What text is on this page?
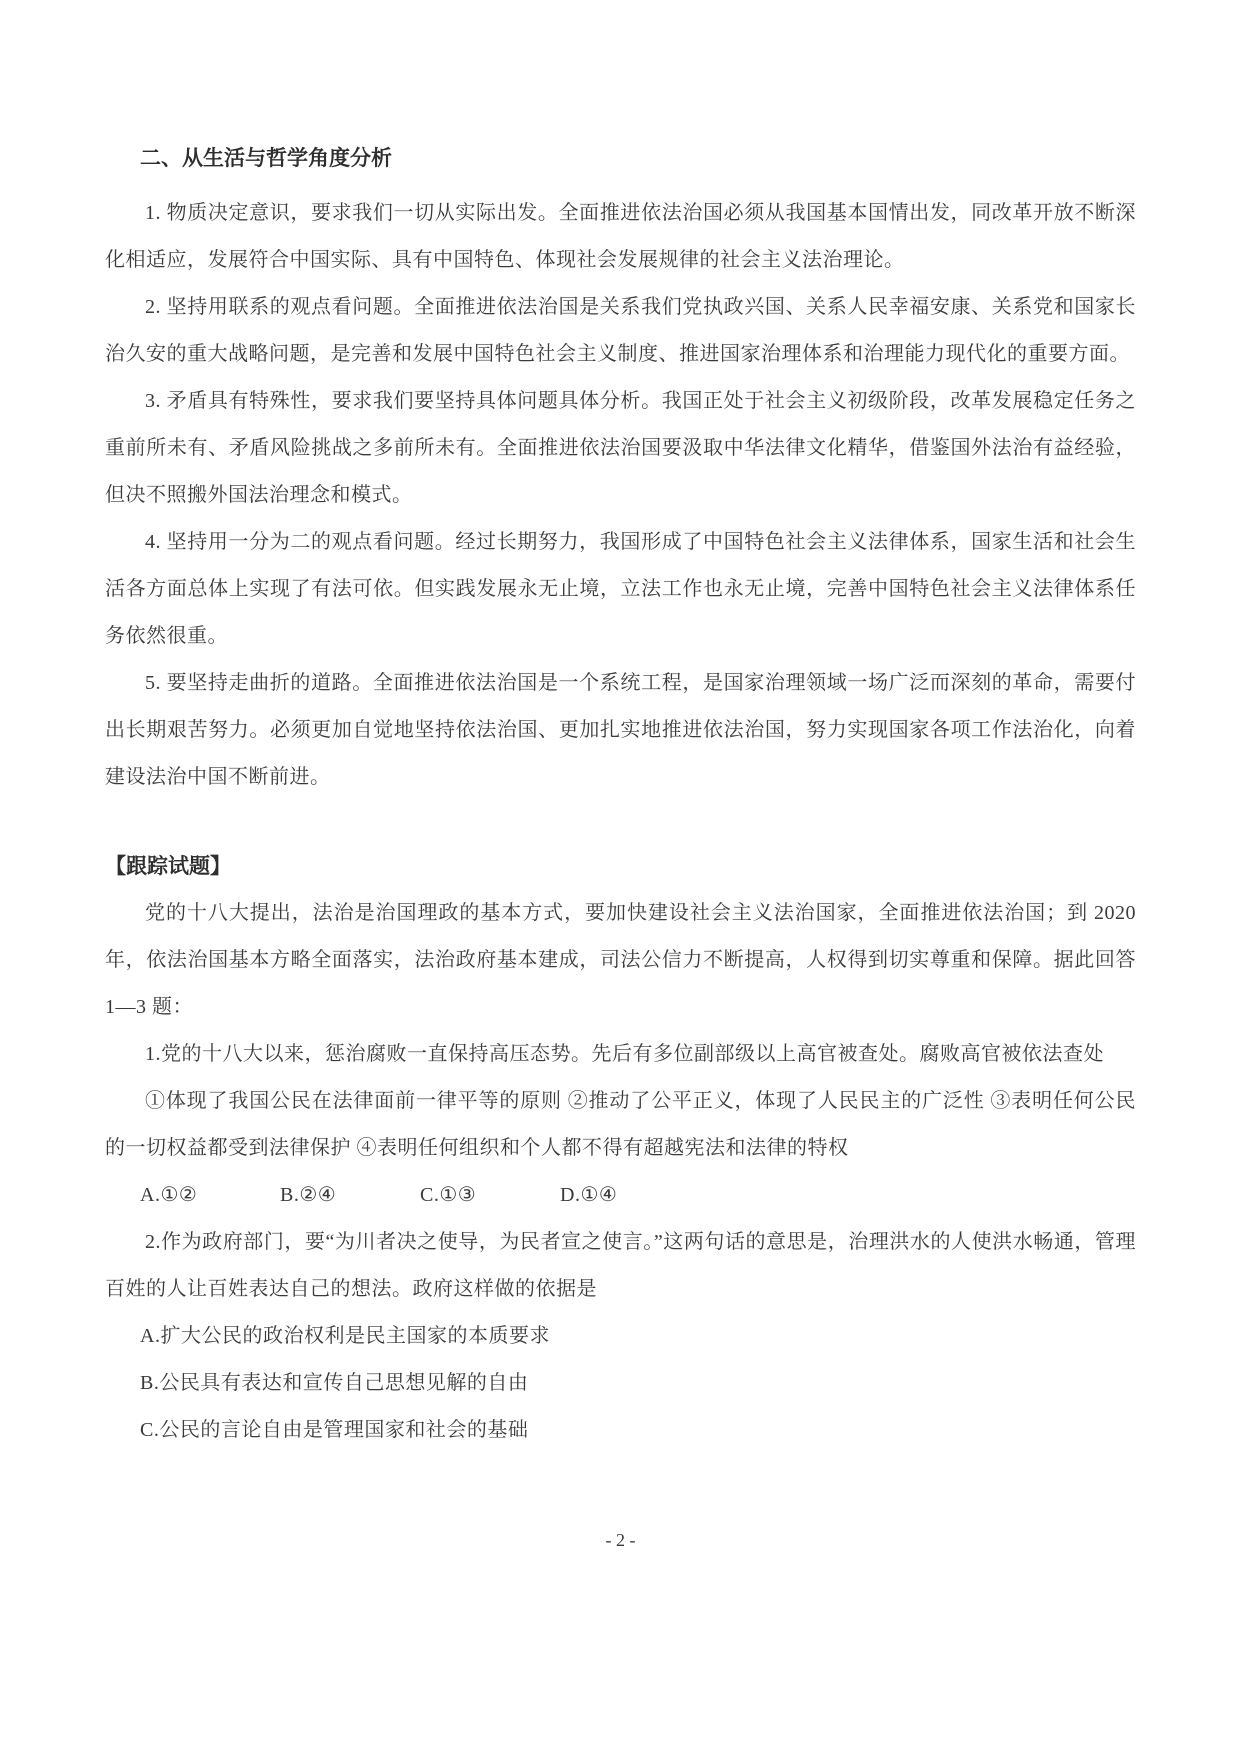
二、从生活与哲学角度分析

1. 物质决定意识，要求我们一切从实际出发。全面推进依法治国必须从我国基本国情出发，同改革开放不断深化相适应，发展符合中国实际、具有中国特色、体现社会发展规律的社会主义法治理论。

2. 坚持用联系的观点看问题。全面推进依法治国是关系我们党执政兴国、关系人民幸福安康、关系党和国家长治久安的重大战略问题，是完善和发展中国特色社会主义制度、推进国家治理体系和治理能力现代化的重要方面。

3. 矛盾具有特殊性，要求我们要坚持具体问题具体分析。我国正处于社会主义初级阶段，改革发展稳定任务之重前所未有、矛盾风险挑战之多前所未有。全面推进依法治国要汲取中华法律文化精华，借鉴国外法治有益经验，但决不照搬外国法治理念和模式。

4. 坚持用一分为二的观点看问题。经过长期努力，我国形成了中国特色社会主义法律体系，国家生活和社会生活各方面总体上实现了有法可依。但实践发展永无止境，立法工作也永无止境，完善中国特色社会主义法律体系任务依然很重。

5. 要坚持走曲折的道路。全面推进依法治国是一个系统工程，是国家治理领域一场广泛而深刻的革命，需要付出长期艰苦努力。必须更加自觉地坚持依法治国、更加扎实地推进依法治国，努力实现国家各项工作法治化，向着建设法治中国不断前进。

【跟踪试题】

党的十八大提出，法治是治国理政的基本方式，要加快建设社会主义法治国家，全面推进依法治国；到 2020 年，依法治国基本方略全面落实，法治政府基本建成，司法公信力不断提高，人权得到切实尊重和保障。据此回答 1—3 题：

1.党的十八大以来，惩治腐败一直保持高压态势。先后有多位副部级以上高官被查处。腐败高官被依法查处

①体现了我国公民在法律面前一律平等的原则 ②推动了公平正义，体现了人民民主的广泛性 ③表明任何公民的一切权益都受到法律保护 ④表明任何组织和个人都不得有超越宪法和法律的特权

A.①②	B.②④	C.①③	D.①④

2.作为政府部门，要“为川者决之使导，为民者宣之使言。”这两句话的意思是，治理洪水的人使洪水畅通，管理百姓的人让百姓表达自己的想法。政府这样做的依据是

A.扩大公民的政治权利是民主国家的本质要求

B.公民具有表达和宣传自己思想见解的自由

C.公民的言论自由是管理国家和社会的基础

- 2 -
